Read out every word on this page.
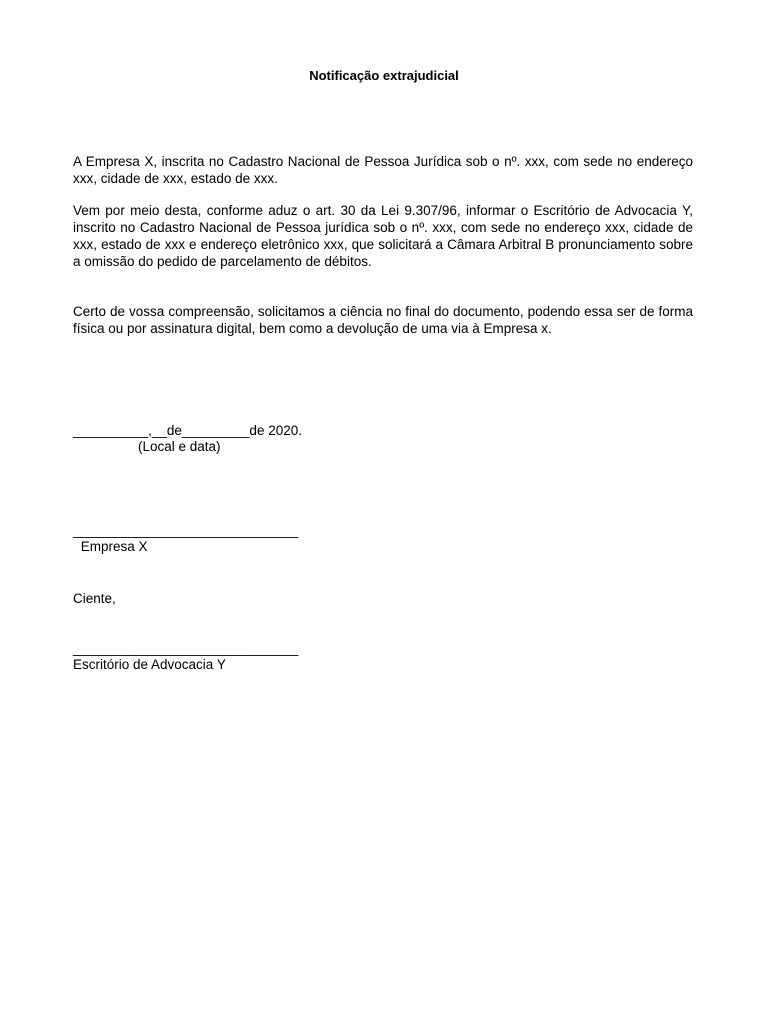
Notificação extrajudicial
A Empresa X, inscrita no Cadastro Nacional de Pessoa Jurídica sob o nº. xxx, com sede no endereço xxx, cidade de xxx, estado de xxx.
Vem por meio desta, conforme aduz o art. 30 da Lei 9.307/96, informar o Escritório de Advocacia Y, inscrito no Cadastro Nacional de Pessoa jurídica sob o nº. xxx, com sede no endereço xxx, cidade de xxx, estado de xxx e endereço eletrônico xxx, que solicitará a Câmara Arbitral B pronunciamento sobre a omissão do pedido de parcelamento de débitos.
Certo de vossa compreensão, solicitamos a ciência no final do documento, podendo essa ser de forma física ou por assinatura digital, bem como a devolução de uma via à Empresa x.
__________,__de_________de 2020.
(Local e data)
______________________________
Empresa X
Ciente,
______________________________
Escritório de Advocacia Y
